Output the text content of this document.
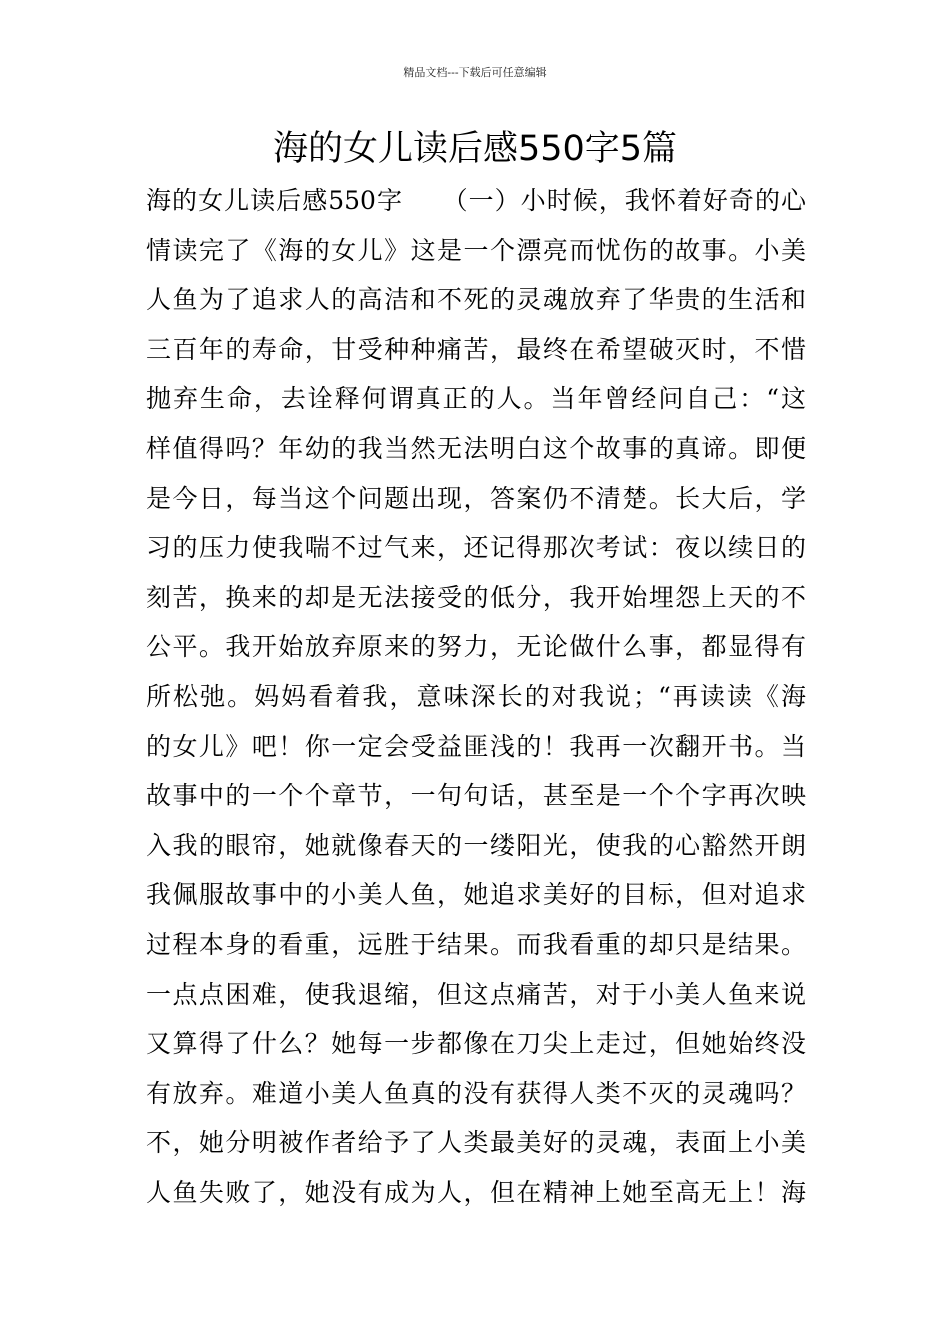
精品文档---下载后可任意编辑
海的女儿读后感550字5篇
海的女儿读后感550字　　（一）小时候，我怀着好奇的心
情读完了《海的女儿》这是一个漂亮而忧伤的故事。小美
人鱼为了追求人的高洁和不死的灵魂放弃了华贵的生活和
三百年的寿命，甘受种种痛苦，最终在希望破灭时，不惜
抛弃生命，去诠释何谓真正的人。当年曾经问自己：“这
样值得吗？年幼的我当然无法明白这个故事的真谛。即便
是今日，每当这个问题出现，答案仍不清楚。长大后，学
习的压力使我喘不过气来，还记得那次考试：夜以续日的
刻苦，换来的却是无法接受的低分，我开始埋怨上天的不
公平。我开始放弃原来的努力，无论做什么事，都显得有
所松弛。妈妈看着我，意味深长的对我说；“再读读《海
的女儿》吧！你一定会受益匪浅的！我再一次翻开书。当
故事中的一个个章节，一句句话，甚至是一个个字再次映
入我的眼帘，她就像春天的一缕阳光，使我的心豁然开朗
我佩服故事中的小美人鱼，她追求美好的目标，但对追求
过程本身的看重，远胜于结果。而我看重的却只是结果。
一点点困难，使我退缩，但这点痛苦，对于小美人鱼来说
又算得了什么？她每一步都像在刀尖上走过，但她始终没
有放弃。难道小美人鱼真的没有获得人类不灭的灵魂吗？
不，她分明被作者给予了人类最美好的灵魂，表面上小美
人鱼失败了，她没有成为人，但在精神上她至高无上！海
